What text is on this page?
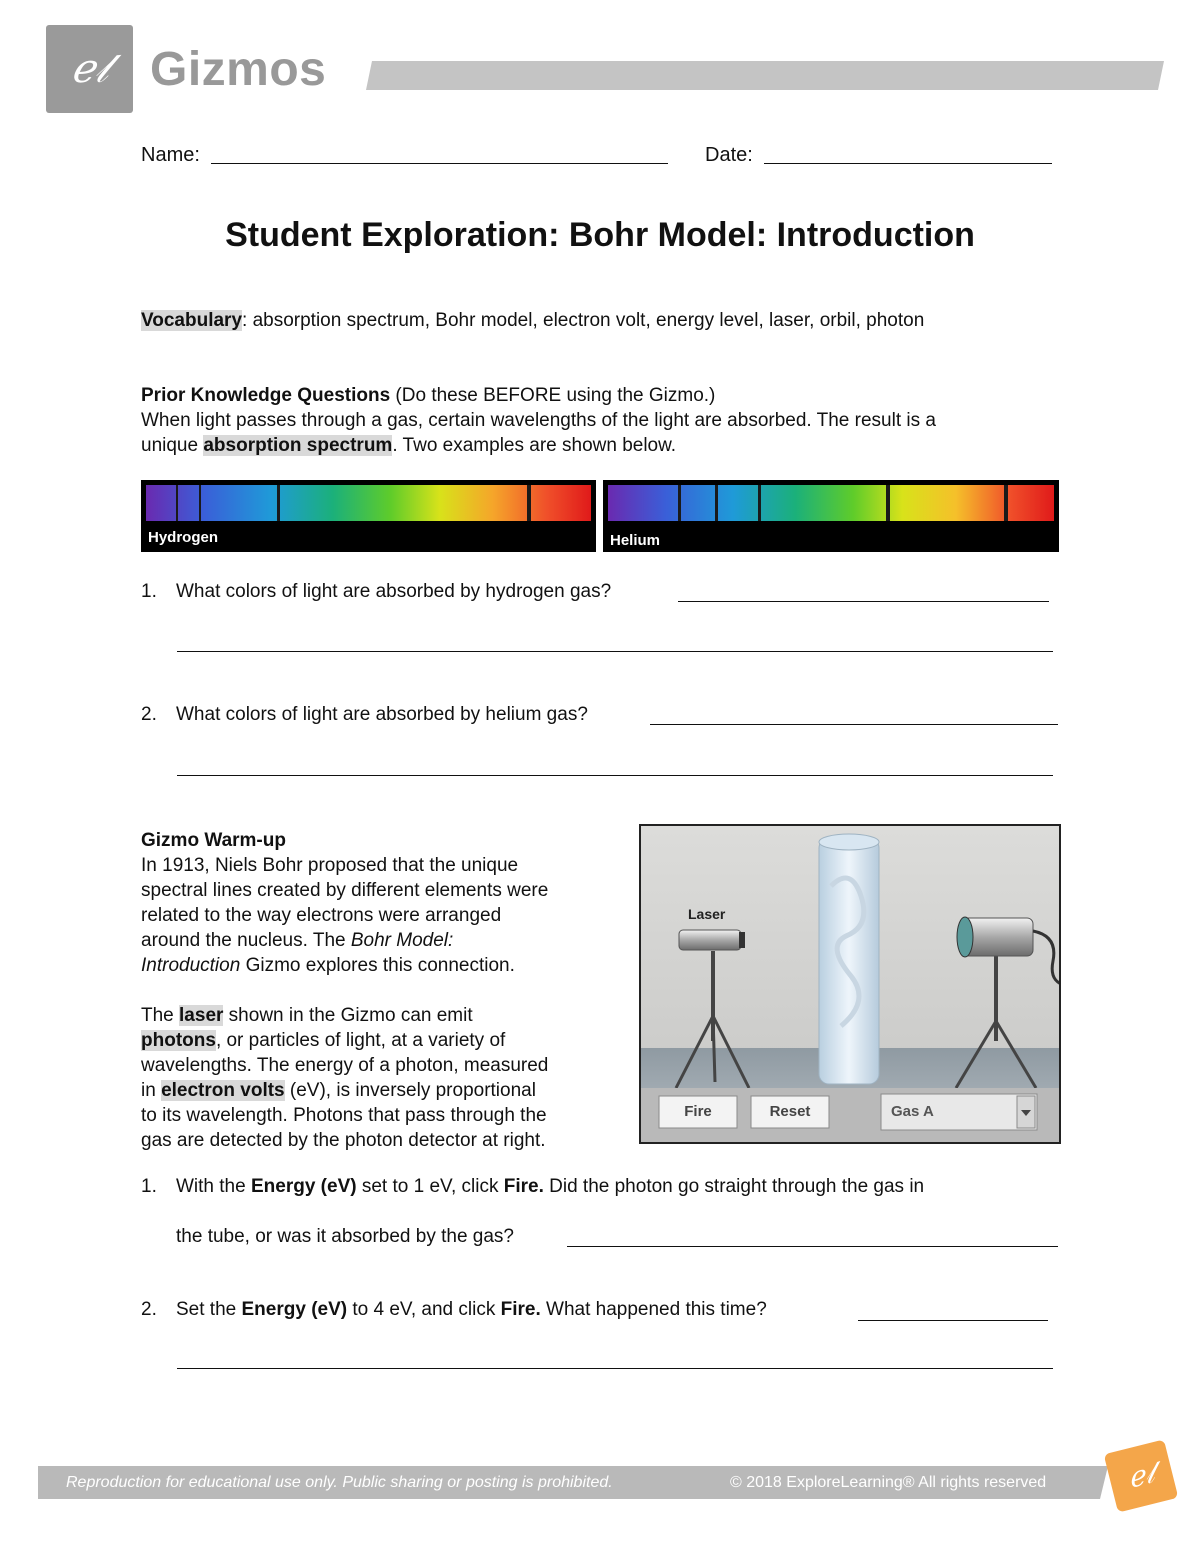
ℯ𝓁 Gizmos
Name:	Date:
Student Exploration: Bohr Model: Introduction
Vocabulary: absorption spectrum, Bohr model, electron volt, energy level, laser, orbil, photon
Prior Knowledge Questions (Do these BEFORE using the Gizmo.)
When light passes through a gas, certain wavelengths of the light are absorbed. The result is a
unique absorption spectrum. Two examples are shown below.
Hydrogen	Helium
1. What colors of light are absorbed by hydrogen gas?
2. What colors of light are absorbed by helium gas?
Gizmo Warm-up
In 1913, Niels Bohr proposed that the unique
spectral lines created by different elements were
related to the way electrons were arranged
around the nucleus. The Bohr Model:
Introduction Gizmo explores this connection.
The laser shown in the Gizmo can emit
photons, or particles of light, at a variety of
wavelengths. The energy of a photon, measured
in electron volts (eV), is inversely proportional
to its wavelength. Photons that pass through the
gas are detected by the photon detector at right.
Laser
Fire	Reset	Gas A
1. With the Energy (eV) set to 1 eV, click Fire. Did the photon go straight through the gas in
the tube, or was it absorbed by the gas?
2. Set the Energy (eV) to 4 eV, and click Fire. What happened this time?
Reproduction for educational use only. Public sharing or posting is prohibited.	© 2018 ExploreLearning® All rights reserved	ℯ𝓁
